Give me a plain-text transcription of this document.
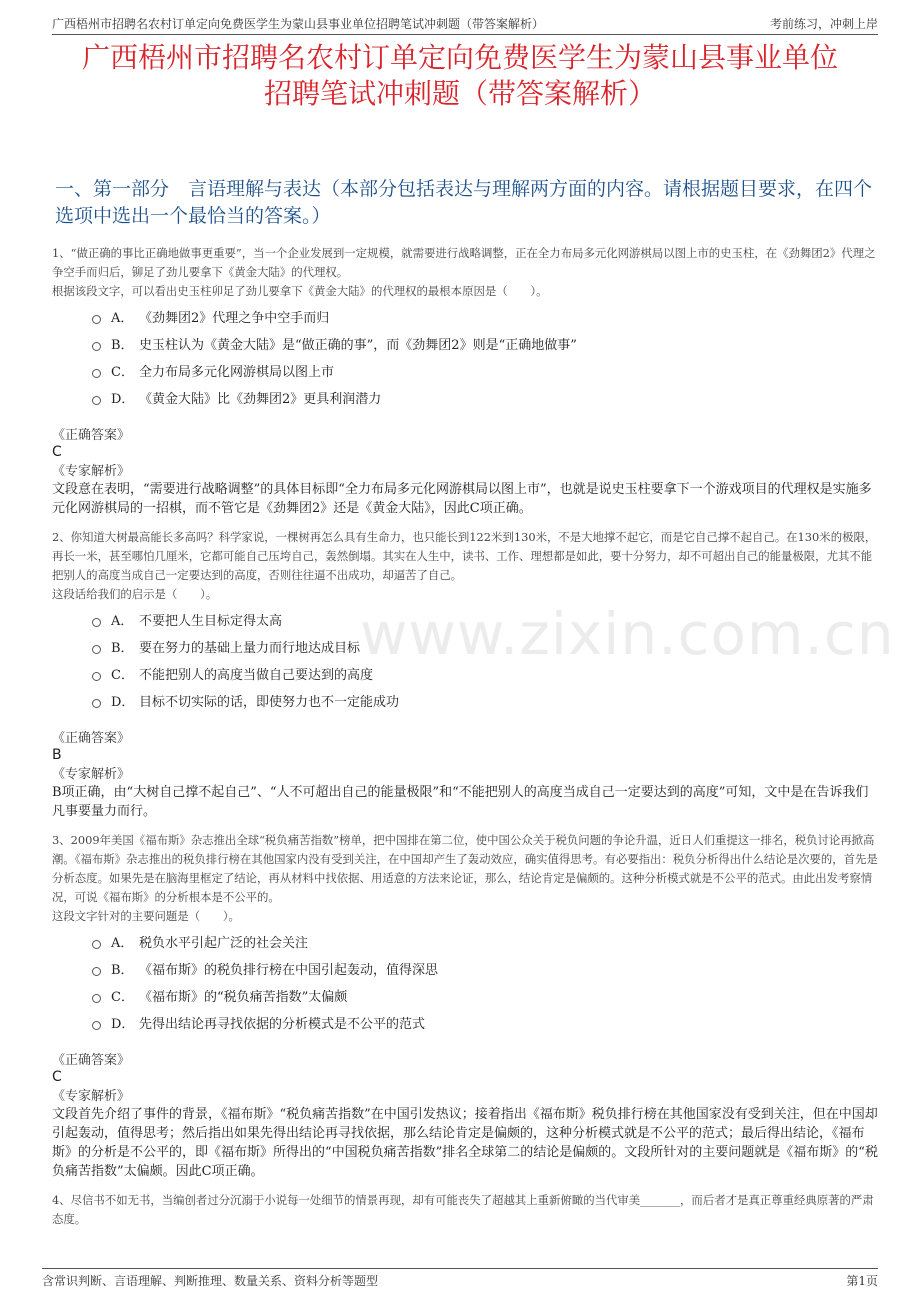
广西梧州市招聘名农村订单定向免费医学生为蒙山县事业单位招聘笔试冲刺题（带答案解析）	考前练习，冲刺上岸
广西梧州市招聘名农村订单定向免费医学生为蒙山县事业单位
招聘笔试冲刺题（带答案解析）
一、第一部分　言语理解与表达（本部分包括表达与理解两方面的内容。请根据题目要求，在四个选项中选出一个最恰当的答案。）
www.zixin.com.cn
1、“做正确的事比正确地做事更重要”，当一个企业发展到一定规模，就需要进行战略调整，正在全力布局多元化网游棋局以图上市的史玉柱，在《劲舞团2》代理之争空手而归后，铆足了劲儿要拿下《黄金大陆》的代理权。
根据该段文字，可以看出史玉柱卯足了劲儿要拿下《黄金大陆》的代理权的最根本原因是（　　）。
A． 《劲舞团2》代理之争中空手而归
B． 史玉柱认为《黄金大陆》是“做正确的事”，而《劲舞团2》则是“正确地做事”
C． 全力布局多元化网游棋局以图上市
D． 《黄金大陆》比《劲舞团2》更具利润潜力
《正确答案》
C
《专家解析》
文段意在表明，“需要进行战略调整”的具体目标即“全力布局多元化网游棋局以图上市”，也就是说史玉柱要拿下一个游戏项目的代理权是实施多元化网游棋局的一招棋，而不管它是《劲舞团2》还是《黄金大陆》，因此C项正确。
2、你知道大树最高能长多高吗？科学家说，一棵树再怎么具有生命力，也只能长到122米到130米，不是大地撑不起它，而是它自己撑不起自己。在130米的极限，再长一米，甚至哪怕几厘米，它都可能自己压垮自己，轰然倒塌。其实在人生中，读书、工作、理想都是如此，要十分努力，却不可超出自己的能量极限，尤其不能把别人的高度当成自己一定要达到的高度，否则往往逼不出成功，却逼苦了自己。
这段话给我们的启示是（　　）。
A． 不要把人生目标定得太高
B． 要在努力的基础上量力而行地达成目标
C． 不能把别人的高度当做自己要达到的高度
D． 目标不切实际的话，即使努力也不一定能成功
《正确答案》
B
《专家解析》
B项正确，由“大树自己撑不起自己”、“人不可超出自己的能量极限”和“不能把别人的高度当成自己一定要达到的高度”可知，文中是在告诉我们凡事要量力而行。
3、2009年美国《福布斯》杂志推出全球“税负痛苦指数”榜单，把中国排在第二位，使中国公众关于税负问题的争论升温，近日人们重提这一排名，税负讨论再掀高潮。《福布斯》杂志推出的税负排行榜在其他国家内没有受到关注，在中国却产生了轰动效应，确实值得思考。有必要指出：税负分析得出什么结论是次要的，首先是分析态度。如果先是在脑海里框定了结论，再从材料中找依据、用适意的方法来论证，那么，结论肯定是偏颇的。这种分析模式就是不公平的范式。由此出发考察情况，可说《福布斯》的分析根本是不公平的。
这段文字针对的主要问题是（　　）。
A． 税负水平引起广泛的社会关注
B． 《福布斯》的税负排行榜在中国引起轰动，值得深思
C． 《福布斯》的“税负痛苦指数”太偏颇
D． 先得出结论再寻找依据的分析模式是不公平的范式
《正确答案》
C
《专家解析》
文段首先介绍了事件的背景，《福布斯》“税负痛苦指数”在中国引发热议；接着指出《福布斯》税负排行榜在其他国家没有受到关注，但在中国却引起轰动，值得思考；然后指出如果先得出结论再寻找依据，那么结论肯定是偏颇的，这种分析模式就是不公平的范式；最后得出结论，《福布斯》的分析是不公平的，即《福布斯》所得出的“中国税负痛苦指数”排名全球第二的结论是偏颇的。文段所针对的主要问题就是《福布斯》的“税负痛苦指数”太偏颇。因此C项正确。
4、尽信书不如无书，当编创者过分沉溺于小说每一处细节的情景再现，却有可能丧失了超越其上重新俯瞰的当代审美_______，而后者才是真正尊重经典原著的严肃态度。
含常识判断、言语理解、判断推理、数量关系、资料分析等题型	第1页
